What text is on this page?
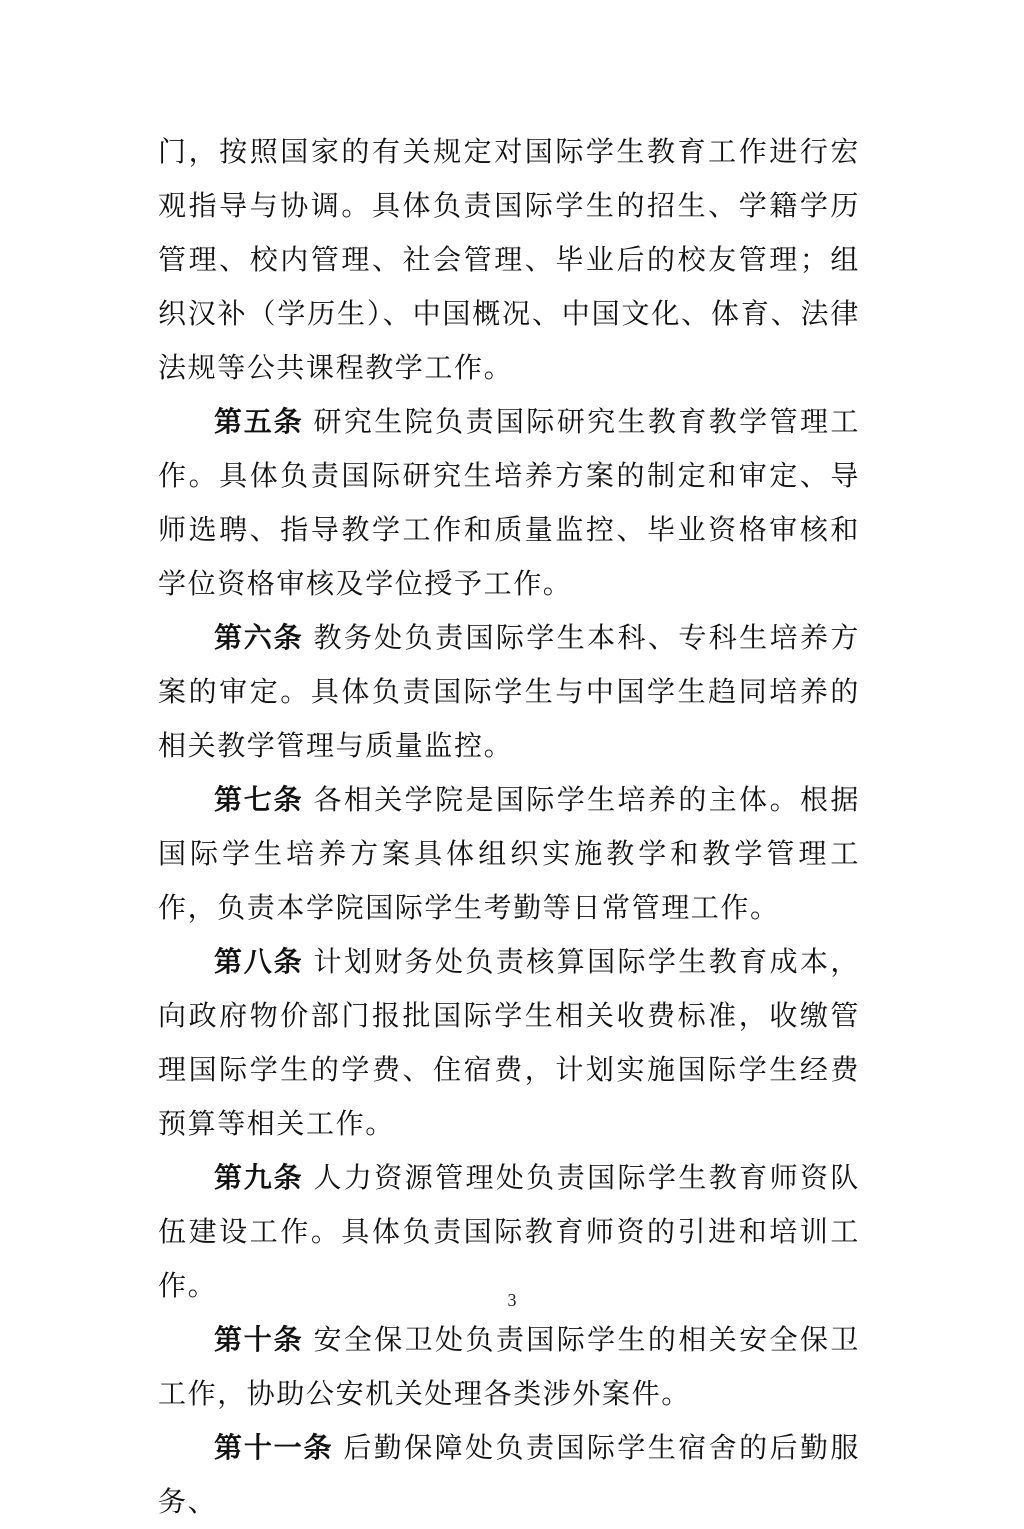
门，按照国家的有关规定对国际学生教育工作进行宏观指导与协调。具体负责国际学生的招生、学籍学历管理、校内管理、社会管理、毕业后的校友管理；组织汉补（学历生）、中国概况、中国文化、体育、法律法规等公共课程教学工作。

第五条 研究生院负责国际研究生教育教学管理工作。具体负责国际研究生培养方案的制定和审定、导师选聘、指导教学工作和质量监控、毕业资格审核和学位资格审核及学位授予工作。

第六条 教务处负责国际学生本科、专科生培养方案的审定。具体负责国际学生与中国学生趋同培养的相关教学管理与质量监控。

第七条 各相关学院是国际学生培养的主体。根据国际学生培养方案具体组织实施教学和教学管理工作，负责本学院国际学生考勤等日常管理工作。

第八条 计划财务处负责核算国际学生教育成本，向政府物价部门报批国际学生相关收费标准，收缴管理国际学生的学费、住宿费，计划实施国际学生经费预算等相关工作。

第九条 人力资源管理处负责国际学生教育师资队伍建设工作。具体负责国际教育师资的引进和培训工作。

第十条 安全保卫处负责国际学生的相关安全保卫工作，协助公安机关处理各类涉外案件。

第十一条 后勤保障处负责国际学生宿舍的后勤服务、

3
